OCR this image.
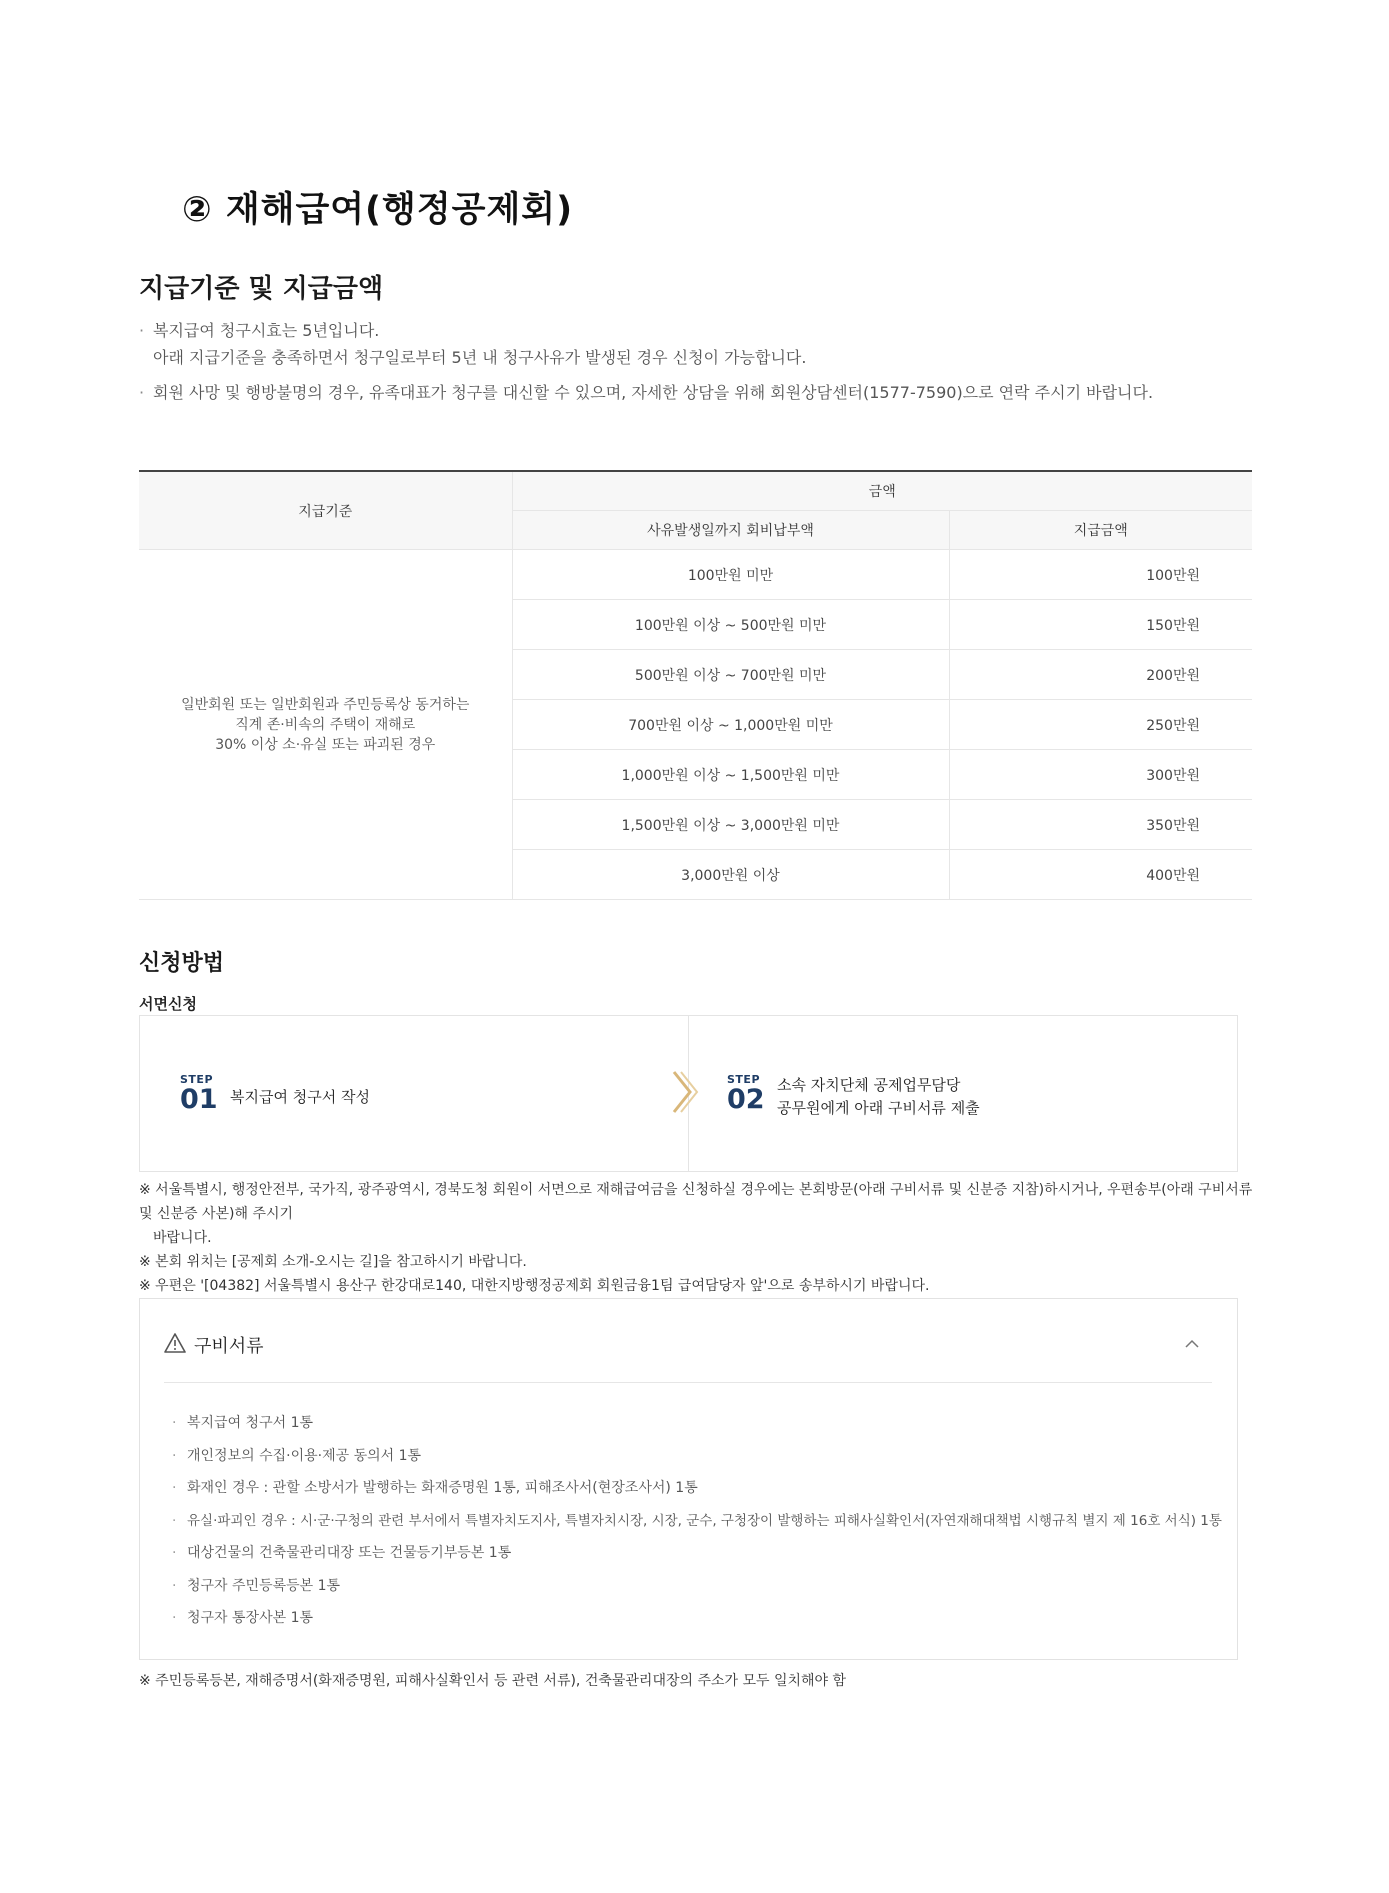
② 재해급여(행정공제회)
지급기준 및 지급금액
· 복지급여 청구시효는 5년입니다.
아래 지급기준을 충족하면서 청구일로부터 5년 내 청구사유가 발생된 경우 신청이 가능합니다.
· 회원 사망 및 행방불명의 경우, 유족대표가 청구를 대신할 수 있으며, 자세한 상담을 위해 회원상담센터(1577-7590)으로 연락 주시기 바랍니다.
지급기준	금액	
	사유발생일까지 회비납부액	지급금액

일반회원 또는 일반회원과 주민등록상 동거하는
직계 존·비속의 주택이 재해로
30% 이상 소·유실 또는 파괴된 경우	100만원 미만	100만원
	100만원 이상 ~ 500만원 미만	150만원
	500만원 이상 ~ 700만원 미만	200만원
	700만원 이상 ~ 1,000만원 미만	250만원
	1,000만원 이상 ~ 1,500만원 미만	300만원
	1,500만원 이상 ~ 3,000만원 미만	350만원
	3,000만원 이상	400만원
신청방법
서면신청
STEP
01 복지급여 청구서 작성
STEP
02 소속 자치단체 공제업무담당
공무원에게 아래 구비서류 제출
※ 서울특별시, 행정안전부, 국가직, 광주광역시, 경북도청 회원이 서면으로 재해급여금을 신청하실 경우에는 본회방문(아래 구비서류 및 신분증 지참)하시거나, 우편송부(아래 구비서류 및 신분증 사본)해 주시기
바랍니다.
※ 본회 위치는 [공제회 소개-오시는 길]을 참고하시기 바랍니다.
※ 우편은 '[04382] 서울특별시 용산구 한강대로140, 대한지방행정공제회 회원금융1팀 급여담당자 앞'으로 송부하시기 바랍니다.
구비서류
· 복지급여 청구서 1통
· 개인정보의 수집·이용·제공 동의서 1통
· 화재인 경우 : 관할 소방서가 발행하는 화재증명원 1통, 피해조사서(현장조사서) 1통
· 유실·파괴인 경우 : 시·군·구청의 관련 부서에서 특별자치도지사, 특별자치시장, 시장, 군수, 구청장이 발행하는 피해사실확인서(자연재해대책법 시행규칙 별지 제 16호 서식) 1통
· 대상건물의 건축물관리대장 또는 건물등기부등본 1통
· 청구자 주민등록등본 1통
· 청구자 통장사본 1통
※ 주민등록등본, 재해증명서(화재증명원, 피해사실확인서 등 관련 서류), 건축물관리대장의 주소가 모두 일치해야 함
